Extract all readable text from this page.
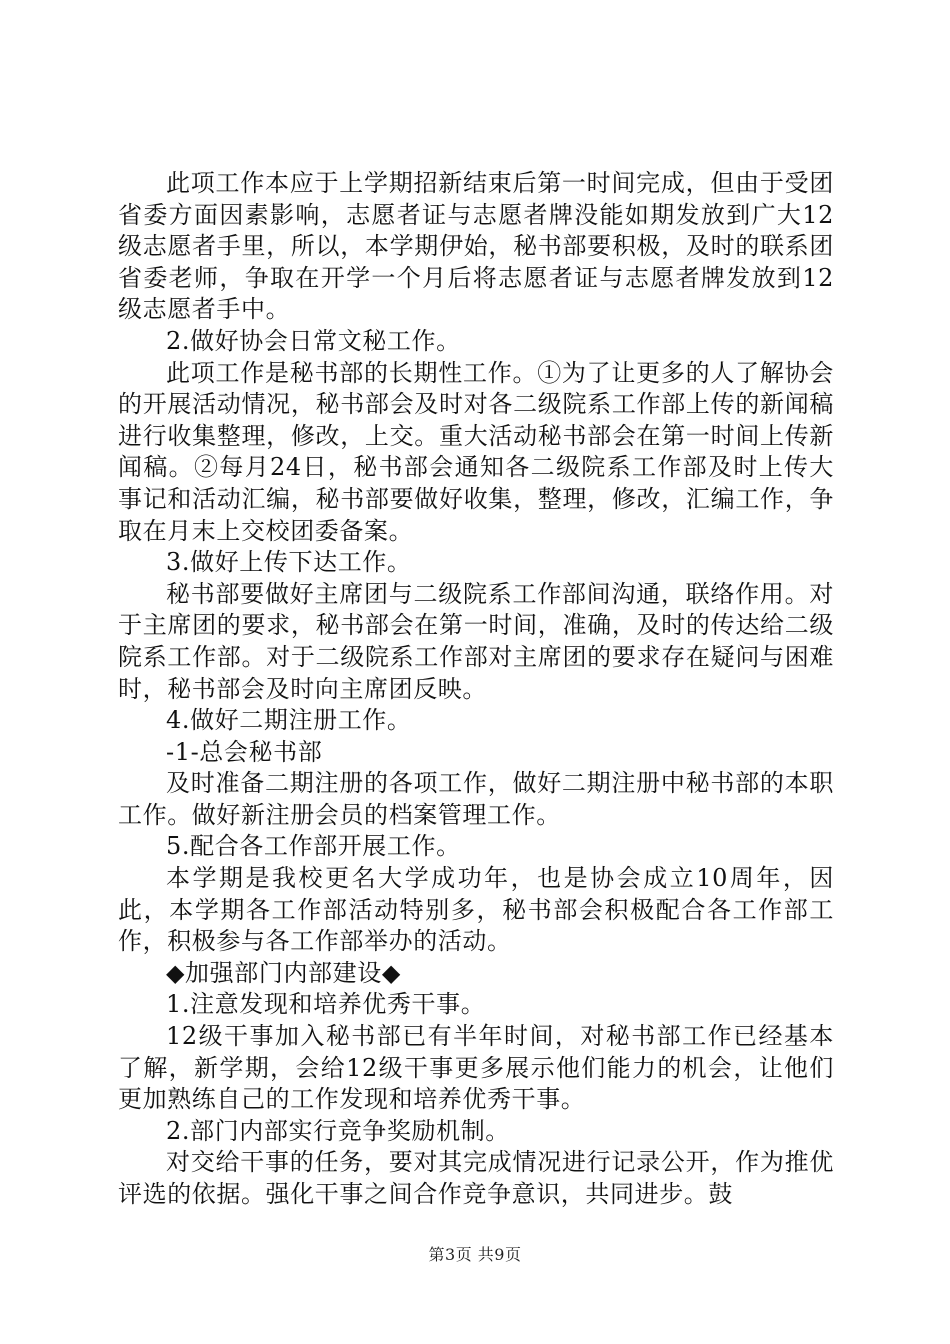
此项工作本应于上学期招新结束后第一时间完成，但由于受团省委方面因素影响，志愿者证与志愿者牌没能如期发放到广大12级志愿者手里，所以，本学期伊始，秘书部要积极，及时的联系团省委老师，争取在开学一个月后将志愿者证与志愿者牌发放到12级志愿者手中。

2.做好协会日常文秘工作。

此项工作是秘书部的长期性工作。①为了让更多的人了解协会的开展活动情况，秘书部会及时对各二级院系工作部上传的新闻稿进行收集整理，修改，上交。重大活动秘书部会在第一时间上传新闻稿。②每月24日，秘书部会通知各二级院系工作部及时上传大事记和活动汇编，秘书部要做好收集，整理，修改，汇编工作，争取在月末上交校团委备案。

3.做好上传下达工作。

秘书部要做好主席团与二级院系工作部间沟通，联络作用。对于主席团的要求，秘书部会在第一时间，准确，及时的传达给二级院系工作部。对于二级院系工作部对主席团的要求存在疑问与困难时，秘书部会及时向主席团反映。

4.做好二期注册工作。

-1-总会秘书部

及时准备二期注册的各项工作，做好二期注册中秘书部的本职工作。做好新注册会员的档案管理工作。

5.配合各工作部开展工作。

本学期是我校更名大学成功年，也是协会成立10周年，因此，本学期各工作部活动特别多，秘书部会积极配合各工作部工作，积极参与各工作部举办的活动。

◆加强部门内部建设◆

1.注意发现和培养优秀干事。

12级干事加入秘书部已有半年时间，对秘书部工作已经基本了解，新学期，会给12级干事更多展示他们能力的机会，让他们更加熟练自己的工作发现和培养优秀干事。

2.部门内部实行竞争奖励机制。

对交给干事的任务，要对其完成情况进行记录公开，作为推优评选的依据。强化干事之间合作竞争意识，共同进步。鼓

第3页 共9页
